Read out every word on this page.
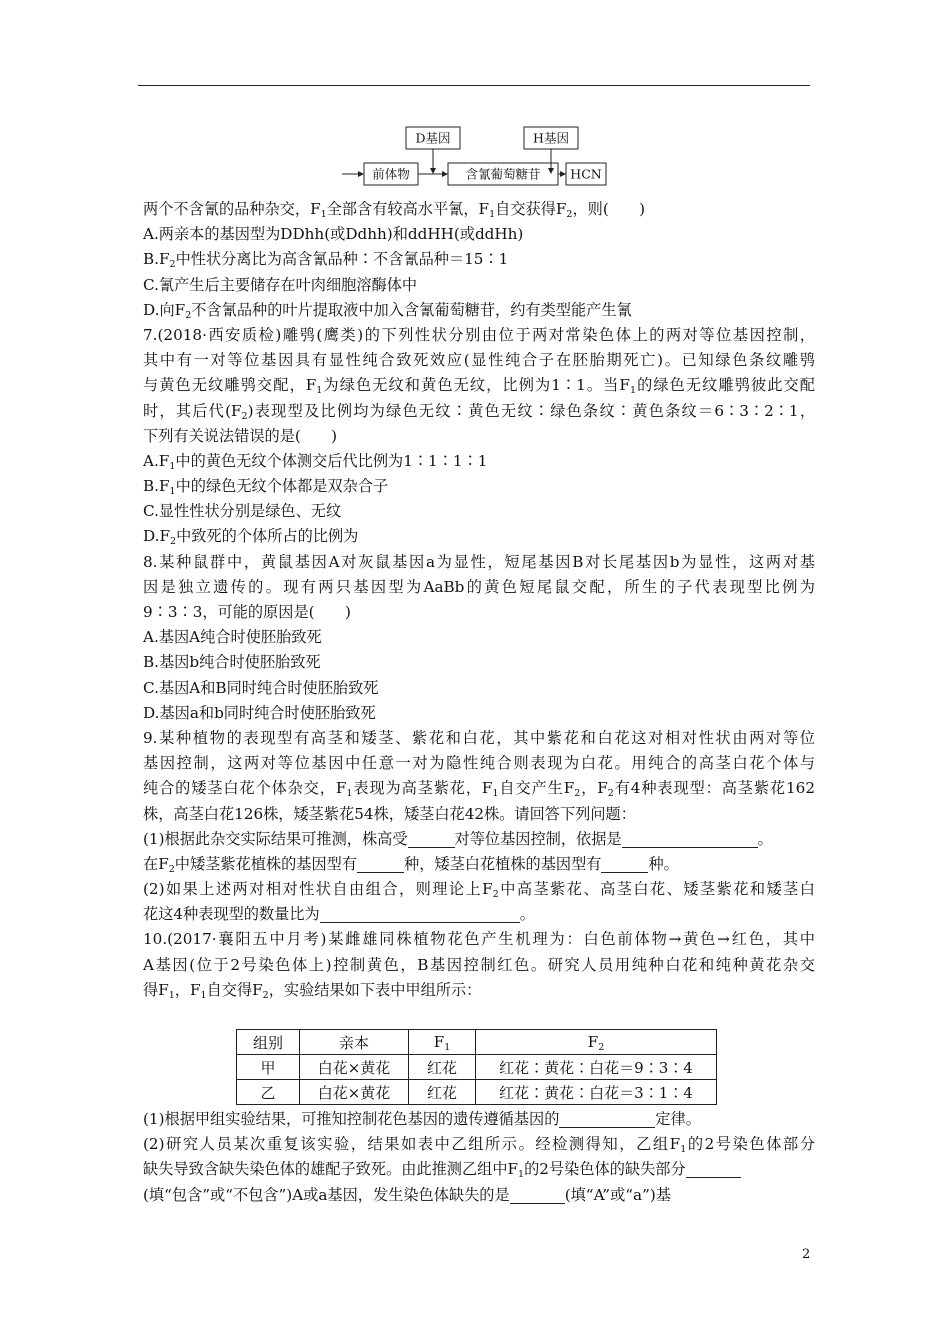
D基因	H基因
前体物	含氰葡萄糖苷 HCN
两个不含氰的品种杂交，$F_1$全部含有较高水平氰，$F_1$自交获得$F_2$，则(　　)
A.两亲本的基因型为DDhh(或Ddhh)和ddHH(或ddHh)
$B.F_2$中性状分离比为高含氰品种∶不含氰品种＝15∶1
C.氰产生后主要储存在叶肉细胞溶酶体中
D.向$F_2$不含氰品种的叶片提取液中加入含氰葡萄糖苷，约有类型能产生氰
7.(2018·西安质检)雕鸮(鹰类)的下列性状分别由位于两对常染色体上的两对等位基因控制，
其中有一对等位基因具有显性纯合致死效应(显性纯合子在胚胎期死亡)。已知绿色条纹雕鸮
与黄色无纹雕鸮交配，$F_1$为绿色无纹和黄色无纹，比例为1∶1。当$F_1$的绿色无纹雕鸮彼此交配
时，其后代$(F_2)$表现型及比例均为绿色无纹∶黄色无纹∶绿色条纹∶黄色条纹＝6∶3∶2∶1，
下列有关说法错误的是(　　)
$A.F_1$中的黄色无纹个体测交后代比例为1∶1∶1∶1
$B.F_1$中的绿色无纹个体都是双杂合子
C.显性性状分别是绿色、无纹
$D.F_2$中致死的个体所占的比例为
8.某种鼠群中，黄鼠基因A对灰鼠基因a为显性，短尾基因B对长尾基因b为显性，这两对基
因是独立遗传的。现有两只基因型为AaBb的黄色短尾鼠交配，所生的子代表现型比例为
9∶3∶3，可能的原因是(　　)
A.基因A纯合时使胚胎致死
B.基因b纯合时使胚胎致死
C.基因A和B同时纯合时使胚胎致死
D.基因a和b同时纯合时使胚胎致死
9.某种植物的表现型有高茎和矮茎、紫花和白花，其中紫花和白花这对相对性状由两对等位
基因控制，这两对等位基因中任意一对为隐性纯合则表现为白花。用纯合的高茎白花个体与
纯合的矮茎白花个体杂交，$F_1$表现为高茎紫花，$F_1$自交产生$F_2$，$F_2$有4种表现型：高茎紫花162
株，高茎白花126株，矮茎紫花54株，矮茎白花42株。请回答下列问题：
(1)根据此杂交实际结果可推测，株高受	对等位基因控制，依据是	。
在$F_2$中矮茎紫花植株的基因型有	种，矮茎白花植株的基因型有	种。
(2)如果上述两对相对性状自由组合，则理论上$F_2$中高茎紫花、高茎白花、矮茎紫花和矮茎白
花这4种表现型的数量比为	。
10.(2017·襄阳五中月考)某雌雄同株植物花色产生机理为：白色前体物→黄色→红色，其中
A基因(位于2号染色体上)控制黄色，B基因控制红色。研究人员用纯种白花和纯种黄花杂交
得$F_1$，$F_1$自交得$F_2$，实验结果如下表中甲组所示：
组别	亲本	$F_1$	$F_2$
甲	白花×黄花	红花	红花∶黄花∶白花＝9∶3∶4
乙	白花×黄花	红花	红花∶黄花∶白花＝3∶1∶4
(1)根据甲组实验结果，可推知控制花色基因的遗传遵循基因的	定律。
(2)研究人员某次重复该实验，结果如表中乙组所示。经检测得知，乙组$F_1$的2号染色体部分
缺失导致含缺失染色体的雄配子致死。由此推测乙组中$F_1$的2号染色体的缺失部分
(填“包含”或“不包含”)A或a基因，发生染色体缺失的是	(填“A”或“a”)基
2
